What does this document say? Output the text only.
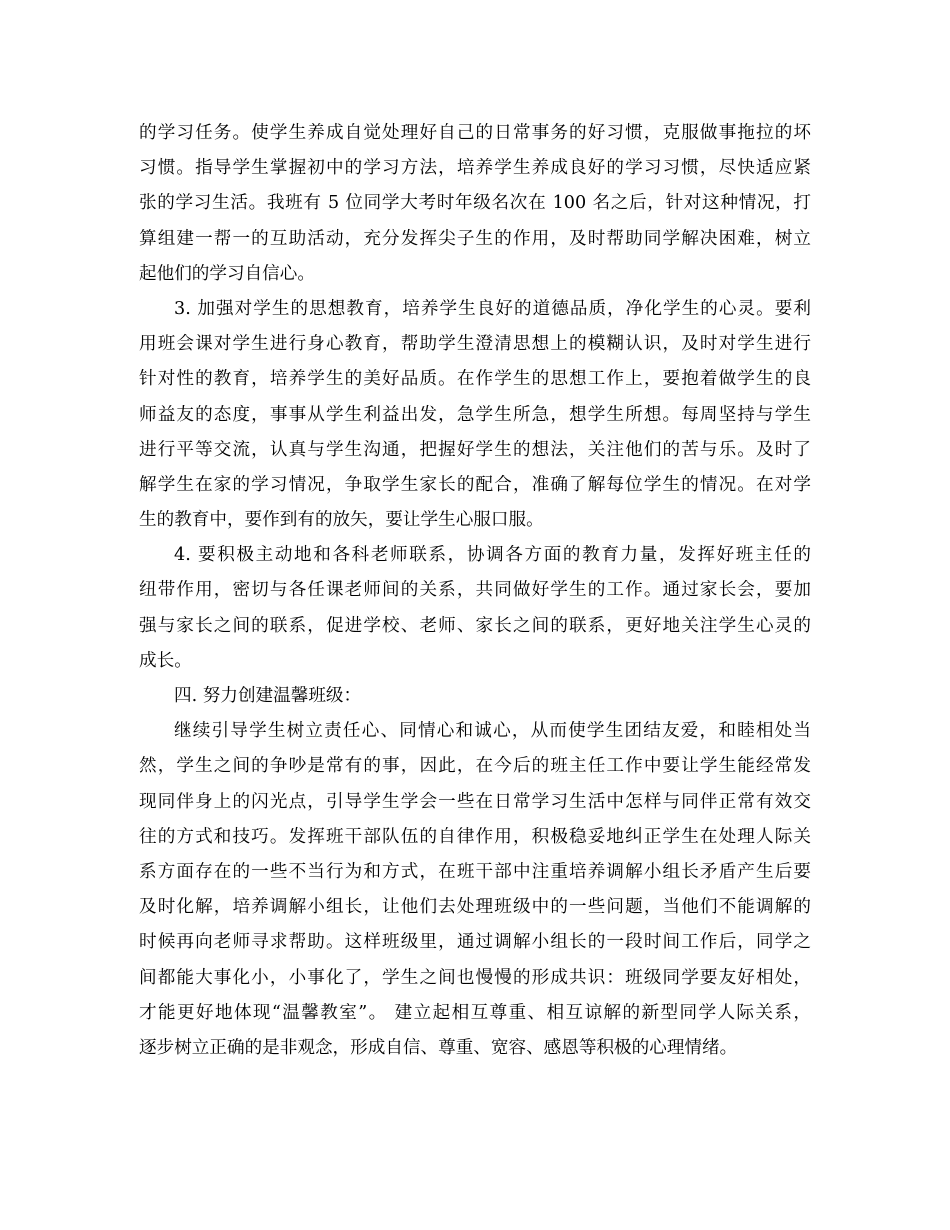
的学习任务。使学生养成自觉处理好自己的日常事务的好习惯，克服做事拖拉的坏
习惯。指导学生掌握初中的学习方法，培养学生养成良好的学习习惯，尽快适应紧
张的学习生活。我班有 5 位同学大考时年级名次在 100 名之后，针对这种情况，打
算组建一帮一的互助活动，充分发挥尖子生的作用，及时帮助同学解决困难，树立
起他们的学习自信心。
3. 加强对学生的思想教育，培养学生良好的道德品质，净化学生的心灵。要利
用班会课对学生进行身心教育，帮助学生澄清思想上的模糊认识，及时对学生进行
针对性的教育，培养学生的美好品质。在作学生的思想工作上，要抱着做学生的良
师益友的态度，事事从学生利益出发，急学生所急，想学生所想。每周坚持与学生
进行平等交流，认真与学生沟通，把握好学生的想法，关注他们的苦与乐。及时了
解学生在家的学习情况，争取学生家长的配合，准确了解每位学生的情况。在对学
生的教育中，要作到有的放矢，要让学生心服口服。
4. 要积极主动地和各科老师联系，协调各方面的教育力量，发挥好班主任的
纽带作用，密切与各任课老师间的关系，共同做好学生的工作。通过家长会，要加
强与家长之间的联系，促进学校、老师、家长之间的联系，更好地关注学生心灵的
成长。
四. 努力创建温馨班级：
继续引导学生树立责任心、同情心和诚心，从而使学生团结友爱，和睦相处当
然，学生之间的争吵是常有的事，因此，在今后的班主任工作中要让学生能经常发
现同伴身上的闪光点，引导学生学会一些在日常学习生活中怎样与同伴正常有效交
往的方式和技巧。发挥班干部队伍的自律作用，积极稳妥地纠正学生在处理人际关
系方面存在的一些不当行为和方式，在班干部中注重培养调解小组长矛盾产生后要
及时化解，培养调解小组长，让他们去处理班级中的一些问题，当他们不能调解的
时候再向老师寻求帮助。这样班级里，通过调解小组长的一段时间工作后，同学之
间都能大事化小，小事化了，学生之间也慢慢的形成共识：班级同学要友好相处，
才能更好地体现“温馨教室”。 建立起相互尊重、相互谅解的新型同学人际关系，
逐步树立正确的是非观念，形成自信、尊重、宽容、感恩等积极的心理情绪。
